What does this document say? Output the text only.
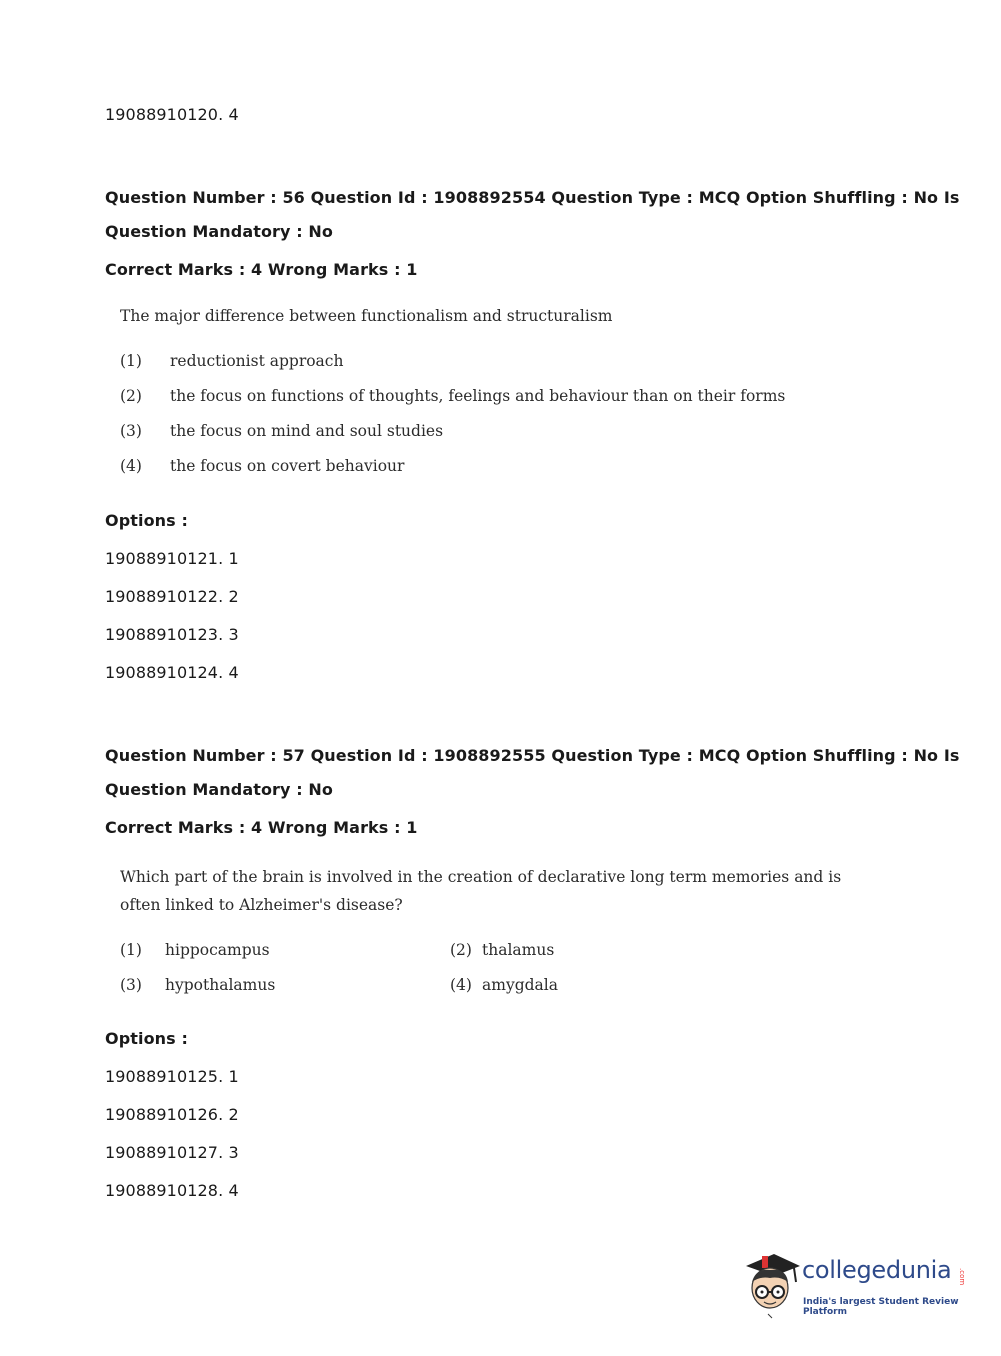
19088910120. 4
Question Number : 56 Question Id : 1908892554 Question Type : MCQ Option Shuffling : No Is
Question Mandatory : No
Correct Marks : 4 Wrong Marks : 1
The major difference between functionalism and structuralism
(1) reductionist approach
(2) the focus on functions of thoughts, feelings and behaviour than on their forms
(3) the focus on mind and soul studies
(4) the focus on covert behaviour
Options :
19088910121. 1
19088910122. 2
19088910123. 3
19088910124. 4
Question Number : 57 Question Id : 1908892555 Question Type : MCQ Option Shuffling : No Is
Question Mandatory : No
Correct Marks : 4 Wrong Marks : 1
Which part of the brain is involved in the creation of declarative long term memories and is
often linked to Alzheimer's disease?
(1) hippocampus	(2) thalamus
(3) hypothalamus	(4) amygdala
Options :
19088910125. 1
19088910126. 2
19088910127. 3
19088910128. 4
collegedunia .com
India's largest Student Review Platform
